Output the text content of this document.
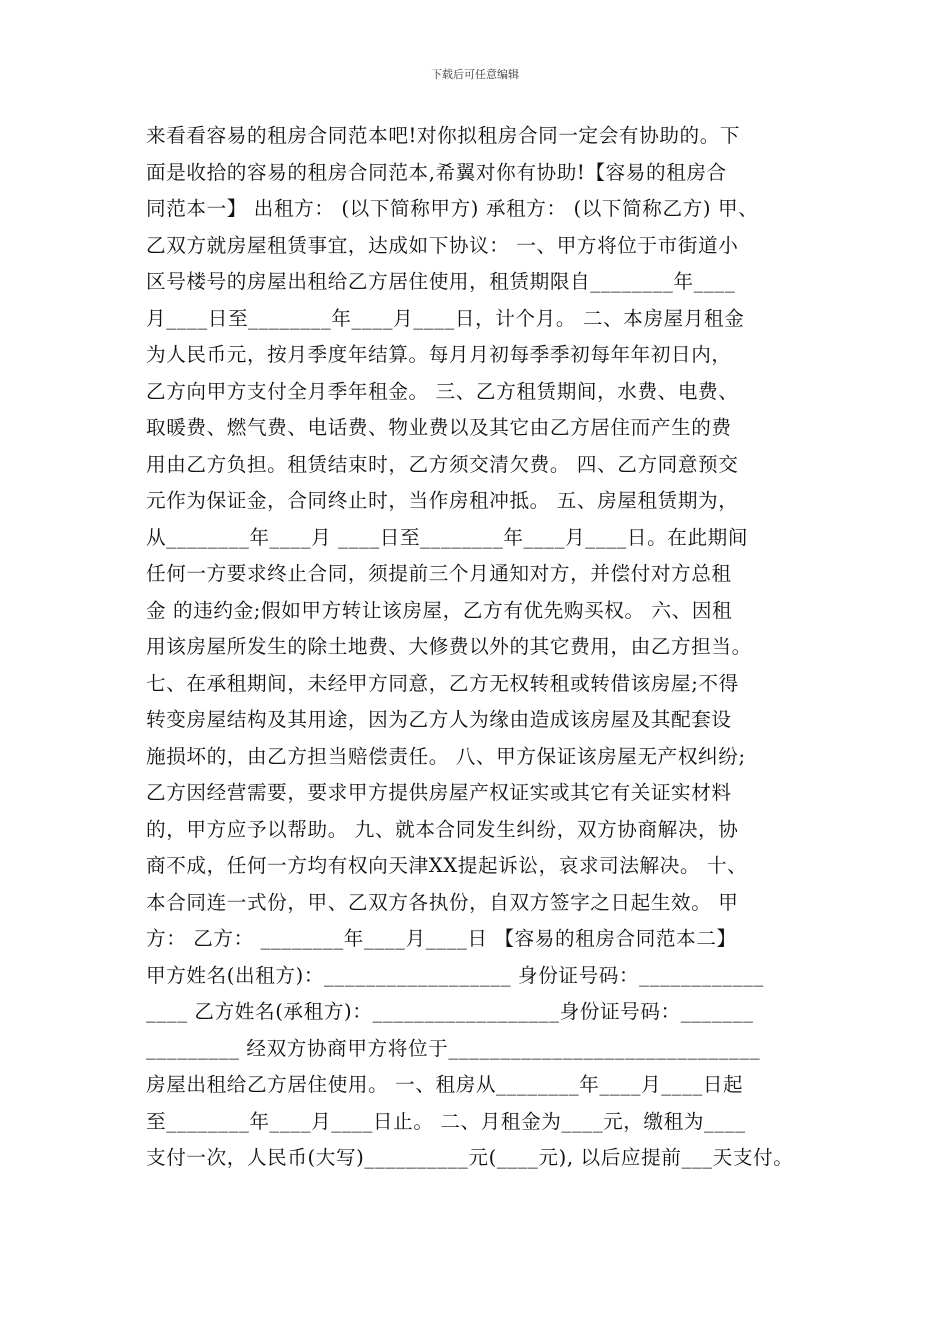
下载后可任意编辑
来看看容易的租房合同范本吧!对你拟租房合同一定会有协助的。下
面是收拾的容易的租房合同范本,希翼对你有协助!【容易的租房合
同范本一】 出租方： (以下简称甲方) 承租方： (以下简称乙方) 甲、
乙双方就房屋租赁事宜，达成如下协议： 一、甲方将位于市街道小
区号楼号的房屋出租给乙方居住使用，租赁期限自________年____
月____日至________年____月____日，计个月。 二、本房屋月租金
为人民币元，按月季度年结算。每月月初每季季初每年年初日内，
乙方向甲方支付全月季年租金。 三、乙方租赁期间，水费、电费、
取暖费、燃气费、电话费、物业费以及其它由乙方居住而产生的费
用由乙方负担。租赁结束时，乙方须交清欠费。 四、乙方同意预交
元作为保证金，合同终止时，当作房租冲抵。 五、房屋租赁期为，
从________年____月 ____日至________年____月____日。在此期间
任何一方要求终止合同，须提前三个月通知对方，并偿付对方总租
金 的违约金;假如甲方转让该房屋，乙方有优先购买权。 六、因租
用该房屋所发生的除土地费、大修费以外的其它费用，由乙方担当。
七、在承租期间，未经甲方同意，乙方无权转租或转借该房屋;不得
转变房屋结构及其用途，因为乙方人为缘由造成该房屋及其配套设
施损坏的，由乙方担当赔偿责任。 八、甲方保证该房屋无产权纠纷;
乙方因经营需要，要求甲方提供房屋产权证实或其它有关证实材料
的，甲方应予以帮助。 九、就本合同发生纠纷，双方协商解决，协
商不成，任何一方均有权向天津XX提起诉讼，哀求司法解决。 十、
本合同连一式份，甲、乙双方各执份，自双方签字之日起生效。 甲
方： 乙方： ________年____月____日 【容易的租房合同范本二】
甲方姓名(出租方)：__________________ 身份证号码：____________
____ 乙方姓名(承租方)：__________________身份证号码：_______
_________ 经双方协商甲方将位于______________________________
房屋出租给乙方居住使用。 一、租房从________年____月____日起
至________年____月____日止。 二、月租金为____元，缴租为____
支付一次，人民币(大写)__________元(____元), 以后应提前___天支付。
